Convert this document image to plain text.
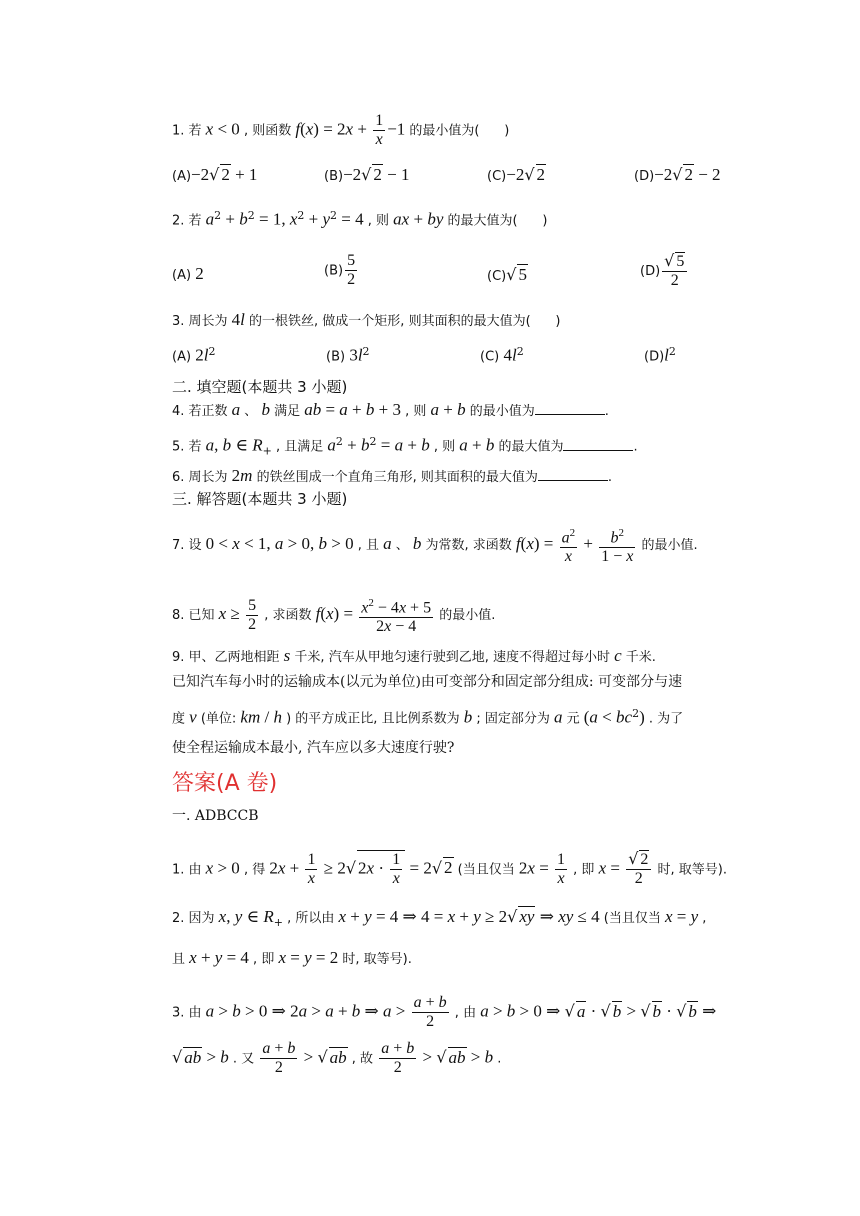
1. 若 x < 0 , 则函数 $f(x) = 2x + \frac{1}{x} -1$ 的最小值为(      )
(A)−2√ 2 + 1	(B)−2√ 2 − 1	(C)−2√ 2	(D)−2√ 2 − 2
2. 若 $a^2 + b^2 = 1$, $x^2 + y^2 = 4$ , 则 ax + by 的最大值为(      )
(A) 2	$(B) \frac{5}{2}$	(C)√ 5	$(D) \frac{√ 5}{2}$
3. 周长为 4l 的一根铁丝, 做成一个矩形, 则其面积的最大值为(      )
(A) $2l^2$	(B) $3l^2$	(C) $4l^2$	$(D)l^2$
二. 填空题(本题共 3 小题)
4. 若正数 a 、 b 满足 ab = a + b + 3 , 则 a + b 的最小值为	.
5. 若 a, b ∈ $R_+$ , 且满足 $a^2 + b^2 = a + b$ , 则 a + b 的最大值为	.
6. 周长为 2m 的铁丝围成一个直角三角形, 则其面积的最大值为	.
三. 解答题(本题共 3 小题)
7. 设 0 < x < 1, a > 0, b > 0 , 且 a 、 b 为常数, 求函数 $f(x) = \frac{a^2}{x} + \frac{b^2}{1 - x}$ 的最小值.
8. 已知 $x \ge \frac{5}{2}$ , 求函数 $f(x) = \frac{x^2 - 4x + 5}{2x - 4}$ 的最小值.
9. 甲、乙两地相距 s 千米, 汽车从甲地匀速行驶到乙地, 速度不得超过每小时 c 千米.
已知汽车每小时的运输成本(以元为单位)由可变部分和固定部分组成: 可变部分与速
度 v (单位: km / h ) 的平方成正比, 且比例系数为 b ; 固定部分为 a 元 $(a < bc^2)$ . 为了
使全程运输成本最小, 汽车应以多大速度行驶?
答案(A 卷)
一. ADBCCB
1. 由 x > 0 , 得 $2x + \frac{1}{x} \ge 2√$ $2x \cdot \frac{1}{x} = 2√$ 2 (当且仅当 $2x = \frac{1}{x}$ , 即 $x = \frac{√ 2}{2}$ 时, 取等号).
2. 因为 x, y ∈ $R_+$ , 所以由 x + y = 4 ⇒ 4 = x + y ≥ 2√ xy ⇒ xy ≤ 4 (当且仅当 x = y ,
且 x + y = 4 , 即 x = y = 2 时, 取等号).
3. 由 a > b > 0 ⇒ 2a > a + b ⇒ $a > \frac{a + b}{2}$ , 由 a > b > 0 ⇒ √ a · √ b > √ b · √ b ⇒
√ ab > b . 又 $\frac{a + b}{2}$ > √ ab , 故 $\frac{a + b}{2}$ > √ ab > b .
